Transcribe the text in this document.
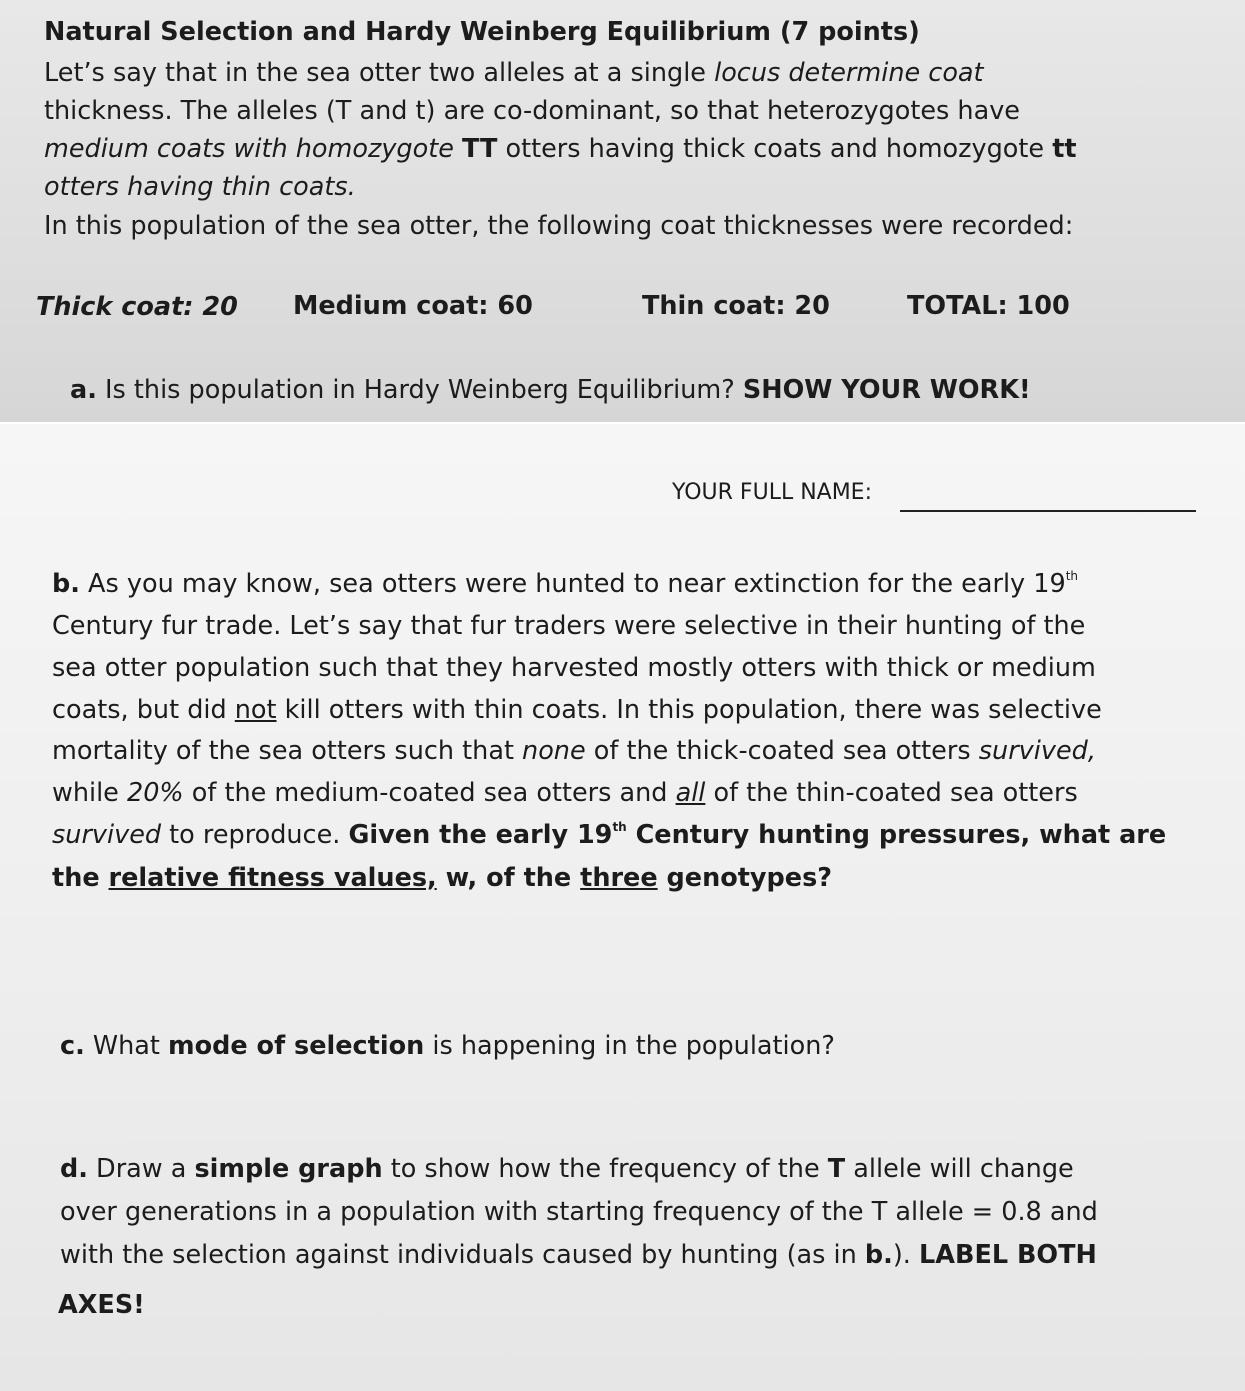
Natural Selection and Hardy Weinberg Equilibrium (7 points)
Let’s say that in the sea otter two alleles at a single locus determine coat
thickness. The alleles (T and t) are co-dominant, so that heterozygotes have
medium coats with homozygote TT otters having thick coats and homozygote tt
otters having thin coats.
In this population of the sea otter, the following coat thicknesses were recorded:
Thick coat: 20 Medium coat: 60	Thin coat: 20	TOTAL: 100
a. Is this population in Hardy Weinberg Equilibrium? SHOW YOUR WORK!
YOUR FULL NAME:
b. As you may know, sea otters were hunted to near extinction for the early 19th
Century fur trade. Let’s say that fur traders were selective in their hunting of the
sea otter population such that they harvested mostly otters with thick or medium
coats, but did not kill otters with thin coats. In this population, there was selective
mortality of the sea otters such that none of the thick-coated sea otters survived,
while 20% of the medium-coated sea otters and all of the thin-coated sea otters
survived to reproduce. Given the early 19th Century hunting pressures, what are
the relative fitness values, w, of the three genotypes?
c. What mode of selection is happening in the population?
d. Draw a simple graph to show how the frequency of the T allele will change
over generations in a population with starting frequency of the T allele = 0.8 and
with the selection against individuals caused by hunting (as in b.). LABEL BOTH
AXES!
